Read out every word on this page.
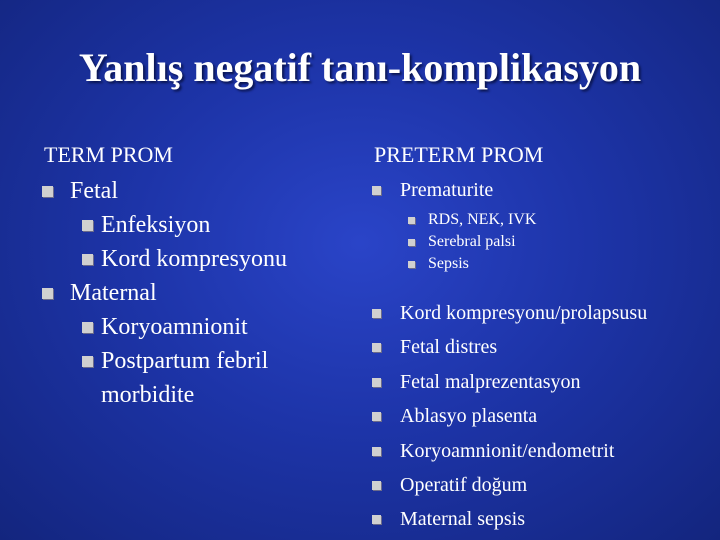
Yanlış negatif tanı-komplikasyon
TERM PROM	PRETERM PROM
Fetal
Enfeksiyon
Kord kompresyonu
Maternal
Koryoamnionit
Postpartum febril
morbidite
Prematurite
RDS, NEK, IVK
Serebral palsi
Sepsis
Kord kompresyonu/prolapsusu
Fetal distres
Fetal malprezentasyon
Ablasyo plasenta
Koryoamnionit/endometrit
Operatif doğum
Maternal sepsis
